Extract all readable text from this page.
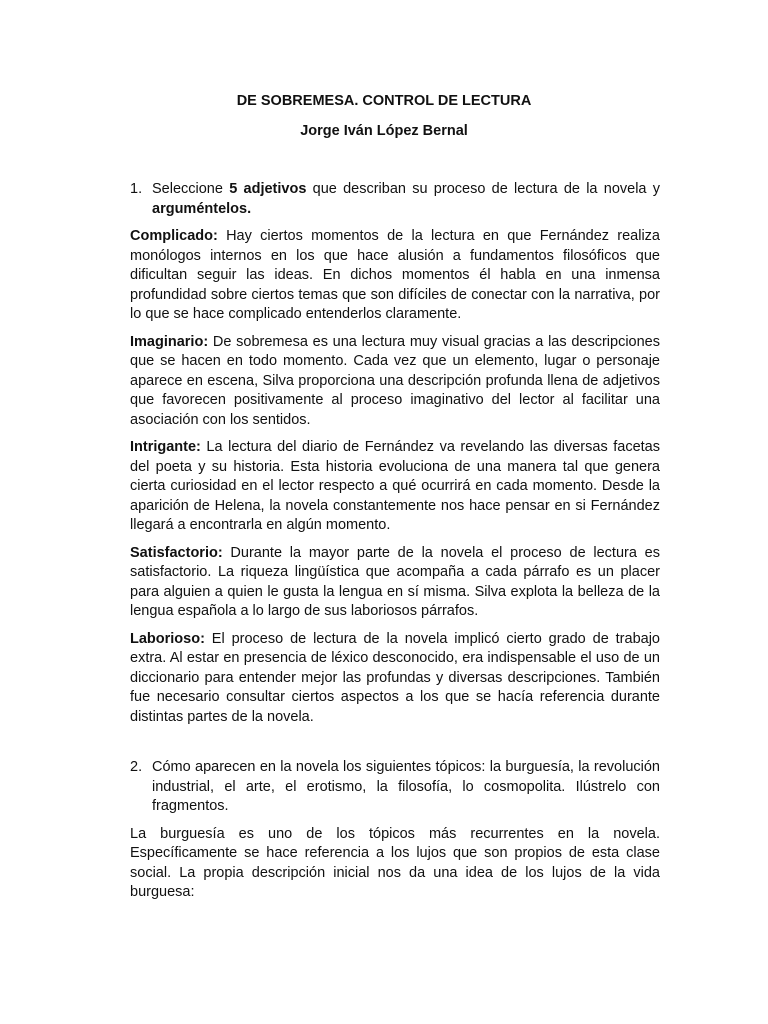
DE SOBREMESA. CONTROL DE LECTURA
Jorge Iván López Bernal
1. Seleccione 5 adjetivos que describan su proceso de lectura de la novela y arguméntelos.
Complicado: Hay ciertos momentos de la lectura en que Fernández realiza monólogos internos en los que hace alusión a fundamentos filosóficos que dificultan seguir las ideas. En dichos momentos él habla en una inmensa profundidad sobre ciertos temas que son difíciles de conectar con la narrativa, por lo que se hace complicado entenderlos claramente.
Imaginario: De sobremesa es una lectura muy visual gracias a las descripciones que se hacen en todo momento. Cada vez que un elemento, lugar o personaje aparece en escena, Silva proporciona una descripción profunda llena de adjetivos que favorecen positivamente al proceso imaginativo del lector al facilitar una asociación con los sentidos.
Intrigante: La lectura del diario de Fernández va revelando las diversas facetas del poeta y su historia. Esta historia evoluciona de una manera tal que genera cierta curiosidad en el lector respecto a qué ocurrirá en cada momento. Desde la aparición de Helena, la novela constantemente nos hace pensar en si Fernández llegará a encontrarla en algún momento.
Satisfactorio: Durante la mayor parte de la novela el proceso de lectura es satisfactorio. La riqueza lingüística que acompaña a cada párrafo es un placer para alguien a quien le gusta la lengua en sí misma. Silva explota la belleza de la lengua española a lo largo de sus laboriosos párrafos.
Laborioso: El proceso de lectura de la novela implicó cierto grado de trabajo extra. Al estar en presencia de léxico desconocido, era indispensable el uso de un diccionario para entender mejor las profundas y diversas descripciones. También fue necesario consultar ciertos aspectos a los que se hacía referencia durante distintas partes de la novela.
2. Cómo aparecen en la novela los siguientes tópicos: la burguesía, la revolución industrial, el arte, el erotismo, la filosofía, lo cosmopolita. Ilústrelo con fragmentos.
La burguesía es uno de los tópicos más recurrentes en la novela. Específicamente se hace referencia a los lujos que son propios de esta clase social. La propia descripción inicial nos da una idea de los lujos de la vida burguesa:
